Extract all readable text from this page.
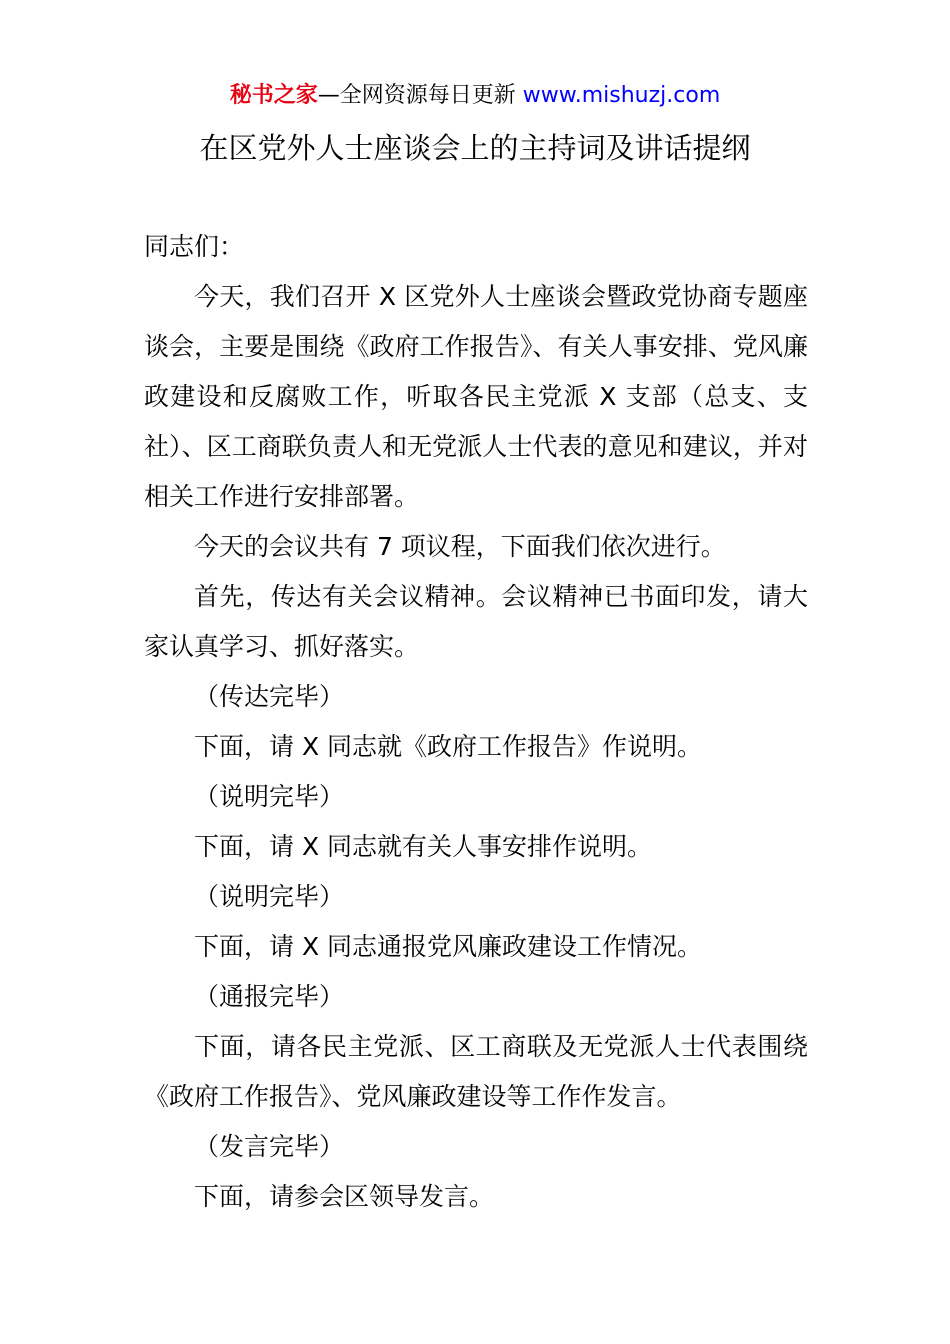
秘书之家—全网资源每日更新 www.mishuzj.com
在区党外人士座谈会上的主持词及讲话提纲

同志们：

今天，我们召开 X 区党外人士座谈会暨政党协商专题座谈会，主要是围绕《政府工作报告》、有关人事安排、党风廉政建设和反腐败工作，听取各民主党派 X 支部（总支、支社）、区工商联负责人和无党派人士代表的意见和建议，并对相关工作进行安排部署。

今天的会议共有 7 项议程，下面我们依次进行。

首先，传达有关会议精神。会议精神已书面印发，请大家认真学习、抓好落实。

（传达完毕）

下面，请 X 同志就《政府工作报告》作说明。

（说明完毕）

下面，请 X 同志就有关人事安排作说明。

（说明完毕）

下面，请 X 同志通报党风廉政建设工作情况。

（通报完毕）

下面，请各民主党派、区工商联及无党派人士代表围绕《政府工作报告》、党风廉政建设等工作作发言。

（发言完毕）

下面，请参会区领导发言。
